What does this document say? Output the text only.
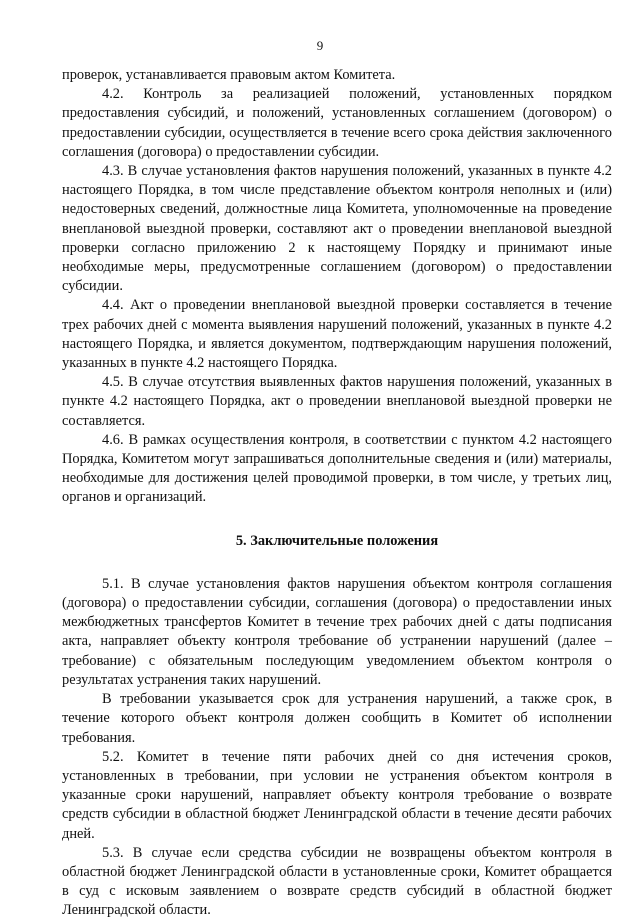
9

проверок, устанавливается правовым актом Комитета.

4.2. Контроль за реализацией положений, установленных порядком предоставления субсидий, и положений, установленных соглашением (договором) о предоставлении субсидии, осуществляется в течение всего срока действия заключенного соглашения (договора) о предоставлении субсидии.

4.3. В случае установления фактов нарушения положений, указанных в пункте 4.2 настоящего Порядка, в том числе представление объектом контроля неполных и (или) недостоверных сведений, должностные лица Комитета, уполномоченные на проведение внеплановой выездной проверки, составляют акт о проведении внеплановой выездной проверки согласно приложению 2 к настоящему Порядку и принимают иные необходимые меры, предусмотренные соглашением (договором) о предоставлении субсидии.

4.4. Акт о проведении внеплановой выездной проверки составляется в течение трех рабочих дней с момента выявления нарушений положений, указанных в пункте 4.2 настоящего Порядка, и является документом, подтверждающим нарушения положений, указанных в пункте 4.2 настоящего Порядка.

4.5. В случае отсутствия выявленных фактов нарушения положений, указанных в пункте 4.2 настоящего Порядка, акт о проведении внеплановой выездной проверки не составляется.

4.6. В рамках осуществления контроля, в соответствии с пунктом 4.2 настоящего Порядка, Комитетом могут запрашиваться дополнительные сведения и (или) материалы, необходимые для достижения целей проводимой проверки, в том числе, у третьих лиц, органов и организаций.

5. Заключительные положения

5.1. В случае установления фактов нарушения объектом контроля соглашения (договора) о предоставлении субсидии, соглашения (договора) о предоставлении иных межбюджетных трансфертов Комитет в течение трех рабочих дней с даты подписания акта, направляет объекту контроля требование об устранении нарушений (далее – требование) с обязательным последующим уведомлением объектом контроля о результатах устранения таких нарушений.

В требовании указывается срок для устранения нарушений, а также срок, в течение которого объект контроля должен сообщить в Комитет об исполнении требования.

5.2. Комитет в течение пяти рабочих дней со дня истечения сроков, установленных в требовании, при условии не устранения объектом контроля в указанные сроки нарушений, направляет объекту контроля требование о возврате средств субсидии в областной бюджет Ленинградской области в течение десяти рабочих дней.

5.3. В случае если средства субсидии не возвращены объектом контроля в областной бюджет Ленинградской области в установленные сроки, Комитет обращается в суд с исковым заявлением о возврате средств субсидий в областной бюджет Ленинградской области.
